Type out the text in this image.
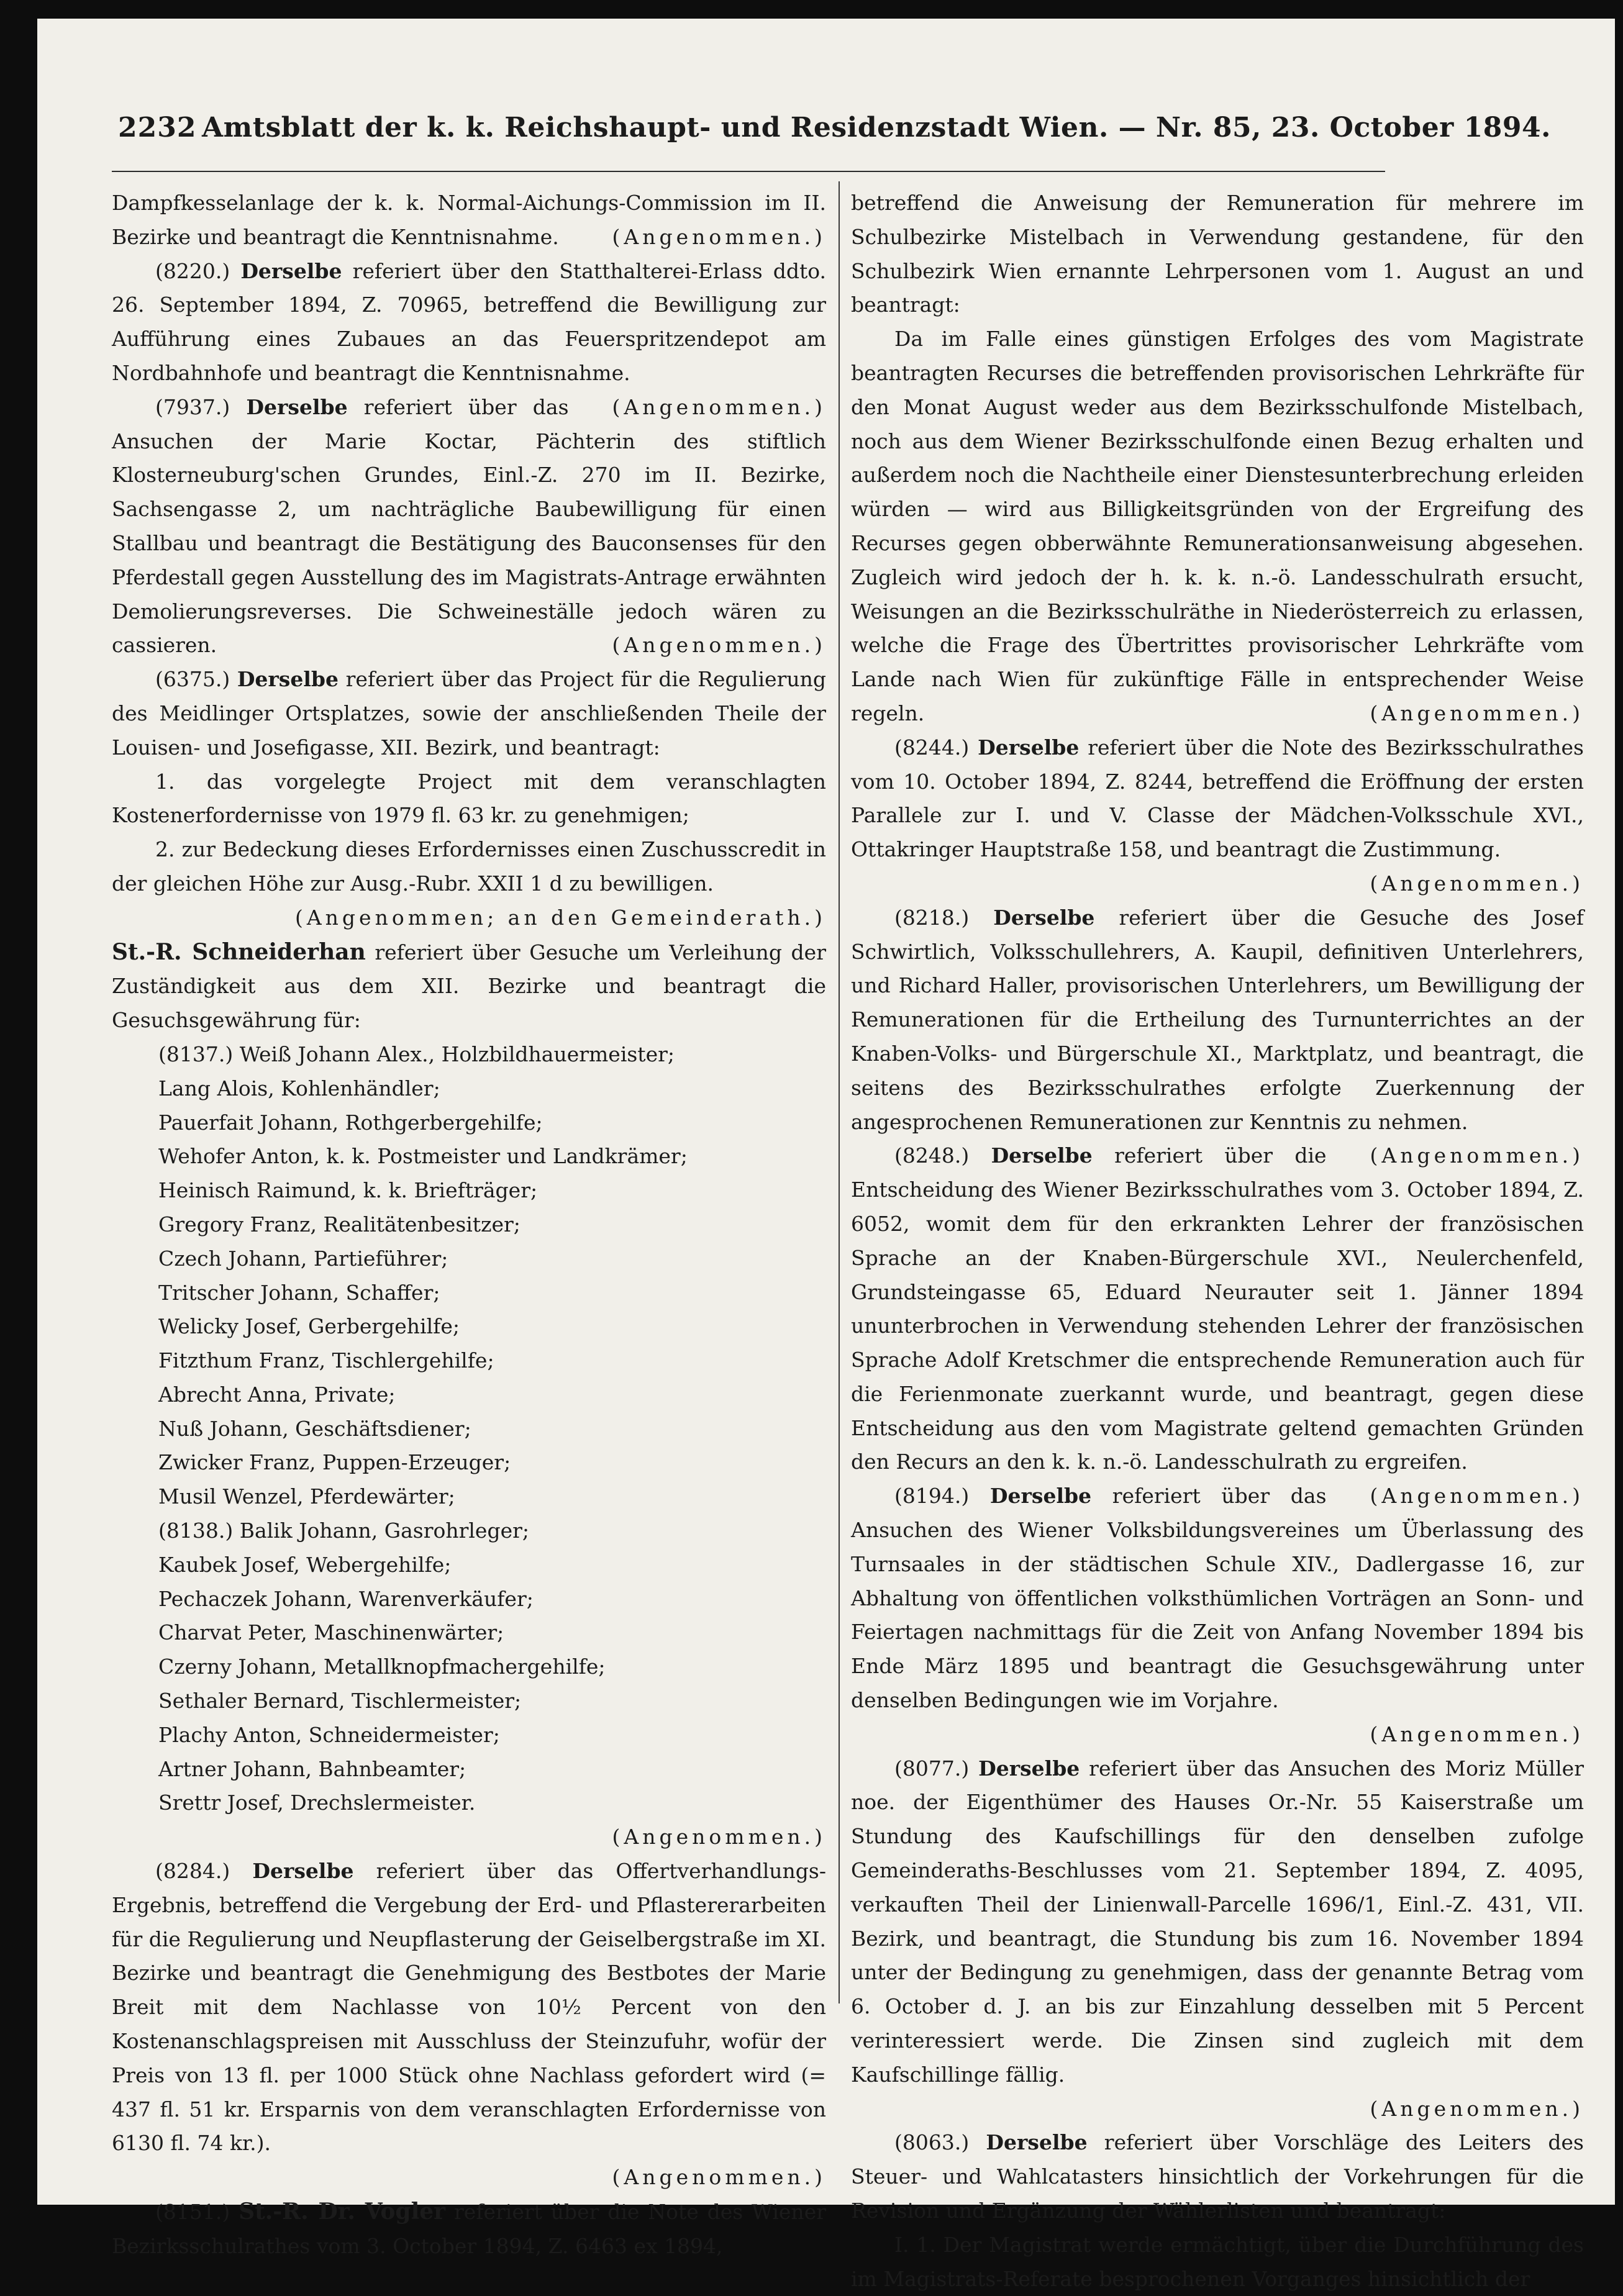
2232 Amtsblatt der k. k. Reichshaupt- und Residenzstadt Wien. — Nr. 85, 23. October 1894.

Dampfkesselanlage der k. k. Normal-Aichungs-Commission im II. Bezirke und beantragt die Kenntnisnahme.	(Angenommen.)

(8220.) Derselbe referiert über den Statthalterei-Erlass ddto. 26. September 1894, Z. 70965, betreffend die Bewilligung zur Aufführung eines Zubaues an das Feuerspritzendepot am Nordbahnhofe und beantragt die Kenntnisnahme.
(Angenommen.)

(7937.) Derselbe referiert über das Ansuchen der Marie Koctar, Pächterin des stiftlich Klosterneuburg'schen Grundes, Einl.-Z. 270 im II. Bezirke, Sachsengasse 2, um nachträgliche Baubewilligung für einen Stallbau und beantragt die Bestätigung des Bauconsenses für den Pferdestall gegen Ausstellung des im Magistrats-Antrage erwähnten Demolierungsreverses. Die Schweineställe jedoch wären zu cassieren.	(Angenommen.)

(6375.) Derselbe referiert über das Project für die Regulierung des Meidlinger Ortsplatzes, sowie der anschließenden Theile der Louisen- und Josefigasse, XII. Bezirk, und beantragt:

1. das vorgelegte Project mit dem veranschlagten Kostenerfordernisse von 1979 fl. 63 kr. zu genehmigen;

2. zur Bedeckung dieses Erfordernisses einen Zuschusscredit in der gleichen Höhe zur Ausg.-Rubr. XXII 1 d zu bewilligen.

(Angenommen; an den Gemeinderath.)

St.-R. Schneiderhan referiert über Gesuche um Verleihung der Zuständigkeit aus dem XII. Bezirke und beantragt die Gesuchsgewährung für:

(8137.) Weiß Johann Alex., Holzbildhauermeister;

Lang Alois, Kohlenhändler;

Pauerfait Johann, Rothgerbergehilfe;

Wehofer Anton, k. k. Postmeister und Landkrämer;

Heinisch Raimund, k. k. Briefträger;

Gregory Franz, Realitätenbesitzer;

Czech Johann, Partieführer;

Tritscher Johann, Schaffer;

Welicky Josef, Gerbergehilfe;

Fitzthum Franz, Tischlergehilfe;

Abrecht Anna, Private;

Nuß Johann, Geschäftsdiener;

Zwicker Franz, Puppen-Erzeuger;

Musil Wenzel, Pferdewärter;

(8138.) Balik Johann, Gasrohrleger;

Kaubek Josef, Webergehilfe;

Pechaczek Johann, Warenverkäufer;

Charvat Peter, Maschinenwärter;

Czerny Johann, Metallknopfmachergehilfe;

Sethaler Bernard, Tischlermeister;

Plachy Anton, Schneidermeister;

Artner Johann, Bahnbeamter;

Srettr Josef, Drechslermeister.

(Angenommen.)

(8284.) Derselbe referiert über das Offertverhandlungs-Ergebnis, betreffend die Vergebung der Erd- und Pflastererarbeiten für die Regulierung und Neupflasterung der Geiselbergstraße im XI. Bezirke und beantragt die Genehmigung des Bestbotes der Marie Breit mit dem Nachlasse von 10½ Percent von den Kostenanschlagspreisen mit Ausschluss der Steinzufuhr, wofür der Preis von 13 fl. per 1000 Stück ohne Nachlass gefordert wird (= 437 fl. 51 kr. Ersparnis von dem veranschlagten Erfordernisse von 6130 fl. 74 kr.).

(Angenommen.)

(8151.) St.-R. Dr. Vogler referiert über die Note des Wiener Bezirksschulrathes vom 3. October 1894, Z. 6463 ex 1894,

betreffend die Anweisung der Remuneration für mehrere im Schulbezirke Mistelbach in Verwendung gestandene, für den Schulbezirk Wien ernannte Lehrpersonen vom 1. August an und beantragt:

Da im Falle eines günstigen Erfolges des vom Magistrate beantragten Recurses die betreffenden provisorischen Lehrkräfte für den Monat August weder aus dem Bezirksschulfonde Mistelbach, noch aus dem Wiener Bezirksschulfonde einen Bezug erhalten und außerdem noch die Nachtheile einer Dienstesunterbrechung erleiden würden — wird aus Billigkeitsgründen von der Ergreifung des Recurses gegen obberwähnte Remunerationsanweisung abgesehen. Zugleich wird jedoch der h. k. k. n.-ö. Landesschulrath ersucht, Weisungen an die Bezirksschulräthe in Niederösterreich zu erlassen, welche die Frage des Übertrittes provisorischer Lehrkräfte vom Lande nach Wien für zukünftige Fälle in entsprechender Weise regeln.	(Angenommen.)

(8244.) Derselbe referiert über die Note des Bezirksschulrathes vom 10. October 1894, Z. 8244, betreffend die Eröffnung der ersten Parallele zur I. und V. Classe der Mädchen-Volksschule XVI., Ottakringer Hauptstraße 158, und beantragt die Zustimmung.

(Angenommen.)

(8218.) Derselbe referiert über die Gesuche des Josef Schwirtlich, Volksschullehrers, A. Kaupil, definitiven Unterlehrers, und Richard Haller, provisorischen Unterlehrers, um Bewilligung der Remunerationen für die Ertheilung des Turnunterrichtes an der Knaben-Volks- und Bürgerschule XI., Marktplatz, und beantragt, die seitens des Bezirksschulrathes erfolgte Zuerkennung der angesprochenen Remunerationen zur Kenntnis zu nehmen.
(Angenommen.)

(8248.) Derselbe referiert über die Entscheidung des Wiener Bezirksschulrathes vom 3. October 1894, Z. 6052, womit dem für den erkrankten Lehrer der französischen Sprache an der Knaben-Bürgerschule XVI., Neulerchenfeld, Grundsteingasse 65, Eduard Neurauter seit 1. Jänner 1894 ununterbrochen in Verwendung stehenden Lehrer der französischen Sprache Adolf Kretschmer die entsprechende Remuneration auch für die Ferienmonate zuerkannt wurde, und beantragt, gegen diese Entscheidung aus den vom Magistrate geltend gemachten Gründen den Recurs an den k. k. n.-ö. Landesschulrath zu ergreifen.
(Angenommen.)

(8194.) Derselbe referiert über das Ansuchen des Wiener Volksbildungsvereines um Überlassung des Turnsaales in der städtischen Schule XIV., Dadlergasse 16, zur Abhaltung von öffentlichen volksthümlichen Vorträgen an Sonn- und Feiertagen nachmittags für die Zeit von Anfang November 1894 bis Ende März 1895 und beantragt die Gesuchsgewährung unter denselben Bedingungen wie im Vorjahre.

(Angenommen.)

(8077.) Derselbe referiert über das Ansuchen des Moriz Müller noe. der Eigenthümer des Hauses Or.-Nr. 55 Kaiserstraße um Stundung des Kaufschillings für den denselben zufolge Gemeinderaths-Beschlusses vom 21. September 1894, Z. 4095, verkauften Theil der Linienwall-Parcelle 1696/1, Einl.-Z. 431, VII. Bezirk, und beantragt, die Stundung bis zum 16. November 1894 unter der Bedingung zu genehmigen, dass der genannte Betrag vom 6. October d. J. an bis zur Einzahlung desselben mit 5 Percent verinteressiert werde. Die Zinsen sind zugleich mit dem Kaufschillinge fällig.

(Angenommen.)

(8063.) Derselbe referiert über Vorschläge des Leiters des Steuer- und Wahlcatasters hinsichtlich der Vorkehrungen für die Revision und Ergänzung der Wählerlisten und beantragt:

I. 1. Der Magistrat werde ermächtigt, über die Durchführung des im Magistrats-Referate besprochenen Vorganges hinsichtlich der
